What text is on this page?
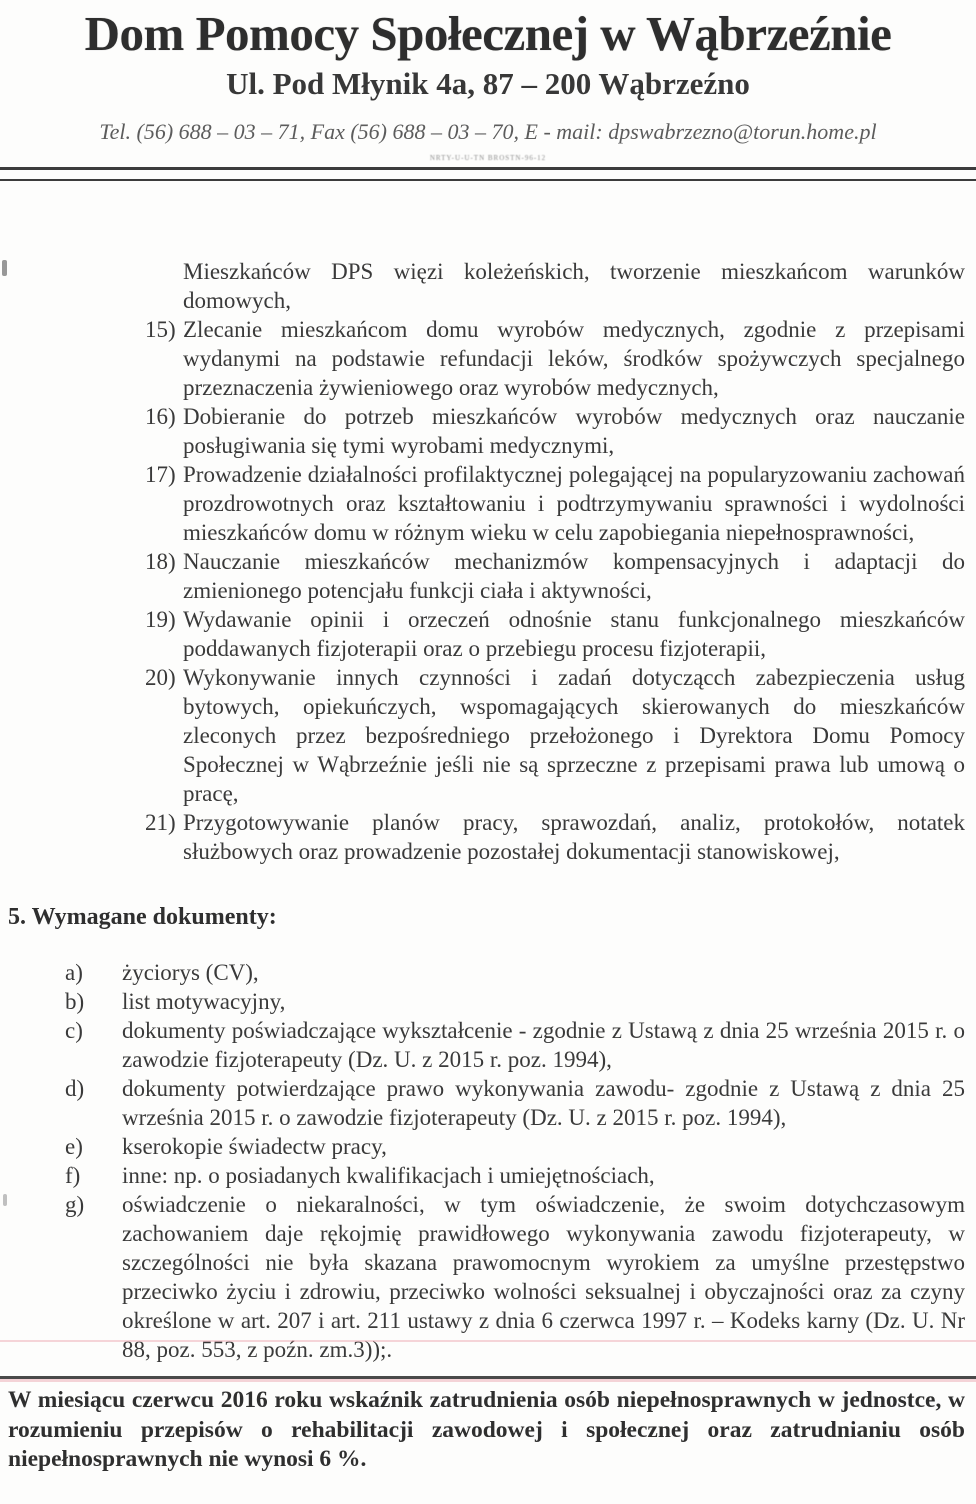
Dom Pomocy Społecznej w Wąbrzeźnie
Ul. Pod Młynik 4a, 87 – 200 Wąbrzeźno
Tel. (56) 688 – 03 – 71, Fax (56) 688 – 03 – 70, E - mail: dpswabrzezno@torun.home.pl
NRTY-U-U-TN BROSTN-96-12

Mieszkańców DPS więzi koleżeńskich, tworzenie mieszkańcom warunków domowych,

15) Zlecanie mieszkańcom domu wyrobów medycznych, zgodnie z przepisami wydanymi na podstawie refundacji leków, środków spożywczych specjalnego przeznaczenia żywieniowego oraz wyrobów medycznych,
16) Dobieranie do potrzeb mieszkańców wyrobów medycznych oraz nauczanie posługiwania się tymi wyrobami medycznymi,
17) Prowadzenie działalności profilaktycznej polegającej na popularyzowaniu zachowań prozdrowotnych oraz kształtowaniu i podtrzymywaniu sprawności i wydolności mieszkańców domu w różnym wieku w celu zapobiegania niepełnosprawności,
18) Nauczanie mieszkańców mechanizmów kompensacyjnych i adaptacji do zmienionego potencjału funkcji ciała i aktywności,
19) Wydawanie opinii i orzeczeń odnośnie stanu funkcjonalnego mieszkańców poddawanych fizjoterapii oraz o przebiegu procesu fizjoterapii,
20) Wykonywanie innych czynności i zadań dotyczącch zabezpieczenia usług bytowych, opiekuńczych, wspomagających skierowanych do mieszkańców zleconych przez bezpośredniego przełożonego i Dyrektora Domu Pomocy Społecznej w Wąbrzeźnie jeśli nie są sprzeczne z przepisami prawa lub umową o pracę,
21) Przygotowywanie planów pracy, sprawozdań, analiz, protokołów, notatek służbowych oraz prowadzenie pozostałej dokumentacji stanowiskowej,
5. Wymagane dokumenty:
a)	życiorys (CV),
b)	list motywacyjny,
c)	dokumenty poświadczające wykształcenie - zgodnie z Ustawą z dnia 25 września 2015 r. o zawodzie fizjoterapeuty (Dz. U. z 2015 r. poz. 1994),
d)	dokumenty potwierdzające prawo wykonywania zawodu- zgodnie z Ustawą z dnia 25 września 2015 r. o zawodzie fizjoterapeuty (Dz. U. z 2015 r. poz. 1994),
e)	kserokopie świadectw pracy,
f)	inne: np. o posiadanych kwalifikacjach i umiejętnościach,
g)	oświadczenie o niekaralności, w tym oświadczenie, że swoim dotychczasowym zachowaniem daje rękojmię prawidłowego wykonywania zawodu fizjoterapeuty, w szczególności nie była skazana prawomocnym wyrokiem za umyślne przestępstwo przeciwko życiu i zdrowiu, przeciwko wolności seksualnej i obyczajności oraz za czyny określone w art. 207 i art. 211 ustawy z dnia 6 czerwca 1997 r. – Kodeks karny (Dz. U. Nr 88, poz. 553, z poźn. zm.3));.

W miesiącu czerwcu 2016 roku wskaźnik zatrudnienia osób niepełnosprawnych w jednostce, w rozumieniu przepisów o rehabilitacji zawodowej i społecznej oraz zatrudnianiu osób niepełnosprawnych nie wynosi 6 %.
